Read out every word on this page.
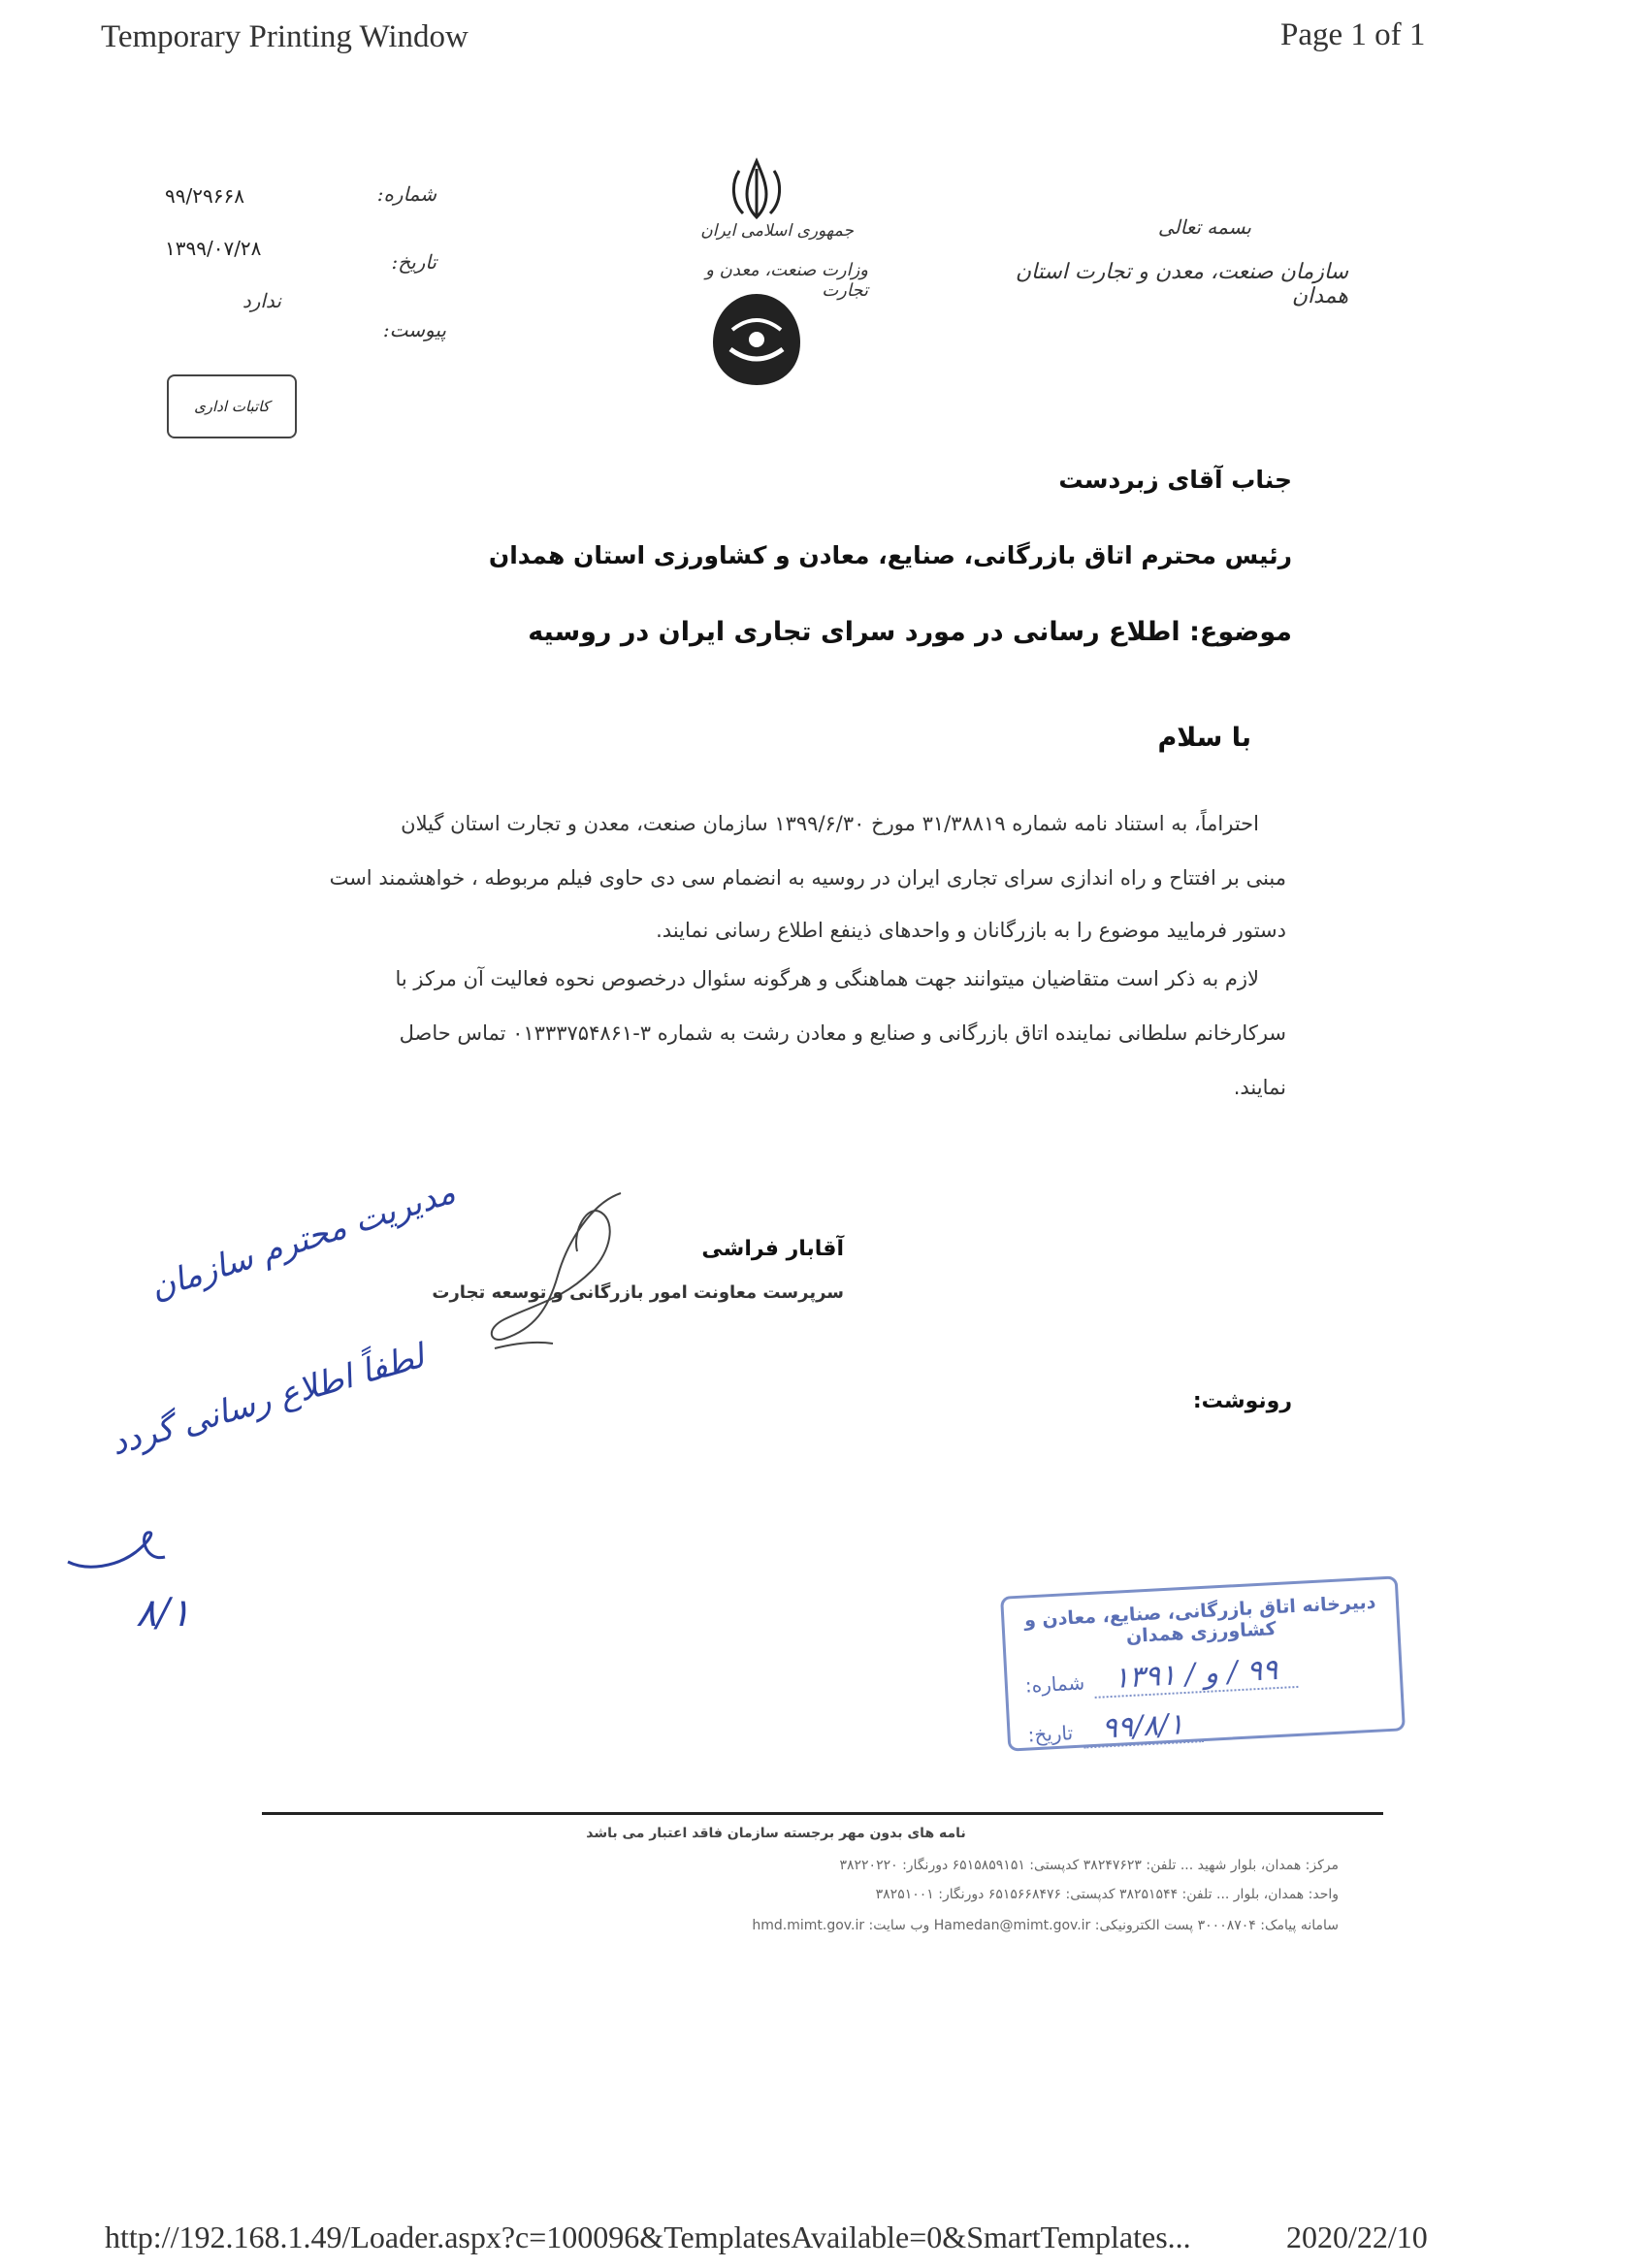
Temporary Printing Window	Page 1 of 1
بسمه تعالی
سازمان صنعت، معدن و تجارت استان همدان
جمهوری اسلامی ایران
وزارت صنعت، معدن و تجارت
شماره:
۹۹/۲۹۶۶۸
تاریخ:
۱۳۹۹/۰۷/۲۸
پیوست:
ندارد
کاتبات اداری
جناب آقای زبردست
رئیس محترم اتاق بازرگانی، صنایع، معادن و کشاورزی استان همدان
موضوع: اطلاع رسانی در مورد سرای تجاری ایران در روسیه
با سلام
احتراماً، به استناد نامه شماره ۳۱/۳۸۸۱۹ مورخ ۱۳۹۹/۶/۳۰ سازمان صنعت، معدن و تجارت استان گیلان
مبنی بر افتتاح و راه اندازی سرای تجاری ایران در روسیه به انضمام سی دی حاوی فیلم مربوطه ، خواهشمند است
دستور فرمایید موضوع را به بازرگانان و واحدهای ذینفع اطلاع رسانی نمایند.
لازم به ذکر است متقاضیان میتوانند جهت هماهنگی و هرگونه سئوال درخصوص نحوه فعالیت آن مرکز با
سرکارخانم سلطانی نماینده اتاق بازرگانی و صنایع و معادن رشت به شماره ۳-۰۱۳۳۳۷۵۴۸۶۱ تماس حاصل
نمایند.
آقابار فراشی
سرپرست معاونت امور بازرگانی و توسعه تجارت
رونوشت:
مدیریت محترم سازمان
لطفاً اطلاع رسانی گردد
۸/۱	دبیرخانه اتاق بازرگانی، صنایع، معادن و کشاورزی همدان
۹۹ / و / ۱۳۹۱
شماره:
۹۹/۸/۱
تاریخ:
نامه های بدون مهر برجسته سازمان فاقد اعتبار می باشد
مرکز: همدان، بلوار شهید ... تلفن: ۳۸۲۴۷۶۲۳ کدپستی: ۶۵۱۵۸۵۹۱۵۱ دورنگار: ۳۸۲۲۰۲۲۰
واحد: همدان، بلوار ... تلفن: ۳۸۲۵۱۵۴۴ کدپستی: ۶۵۱۵۶۶۸۴۷۶ دورنگار: ۳۸۲۵۱۰۰۱
سامانه پیامک: ۳۰۰۰۸۷۰۴ پست الکترونیکی: Hamedan@mimt.gov.ir وب سایت: hmd.mimt.gov.ir
http://192.168.1.49/Loader.aspx?c=100096&TemplatesAvailable=0&SmartTemplates...	2020/22/10
